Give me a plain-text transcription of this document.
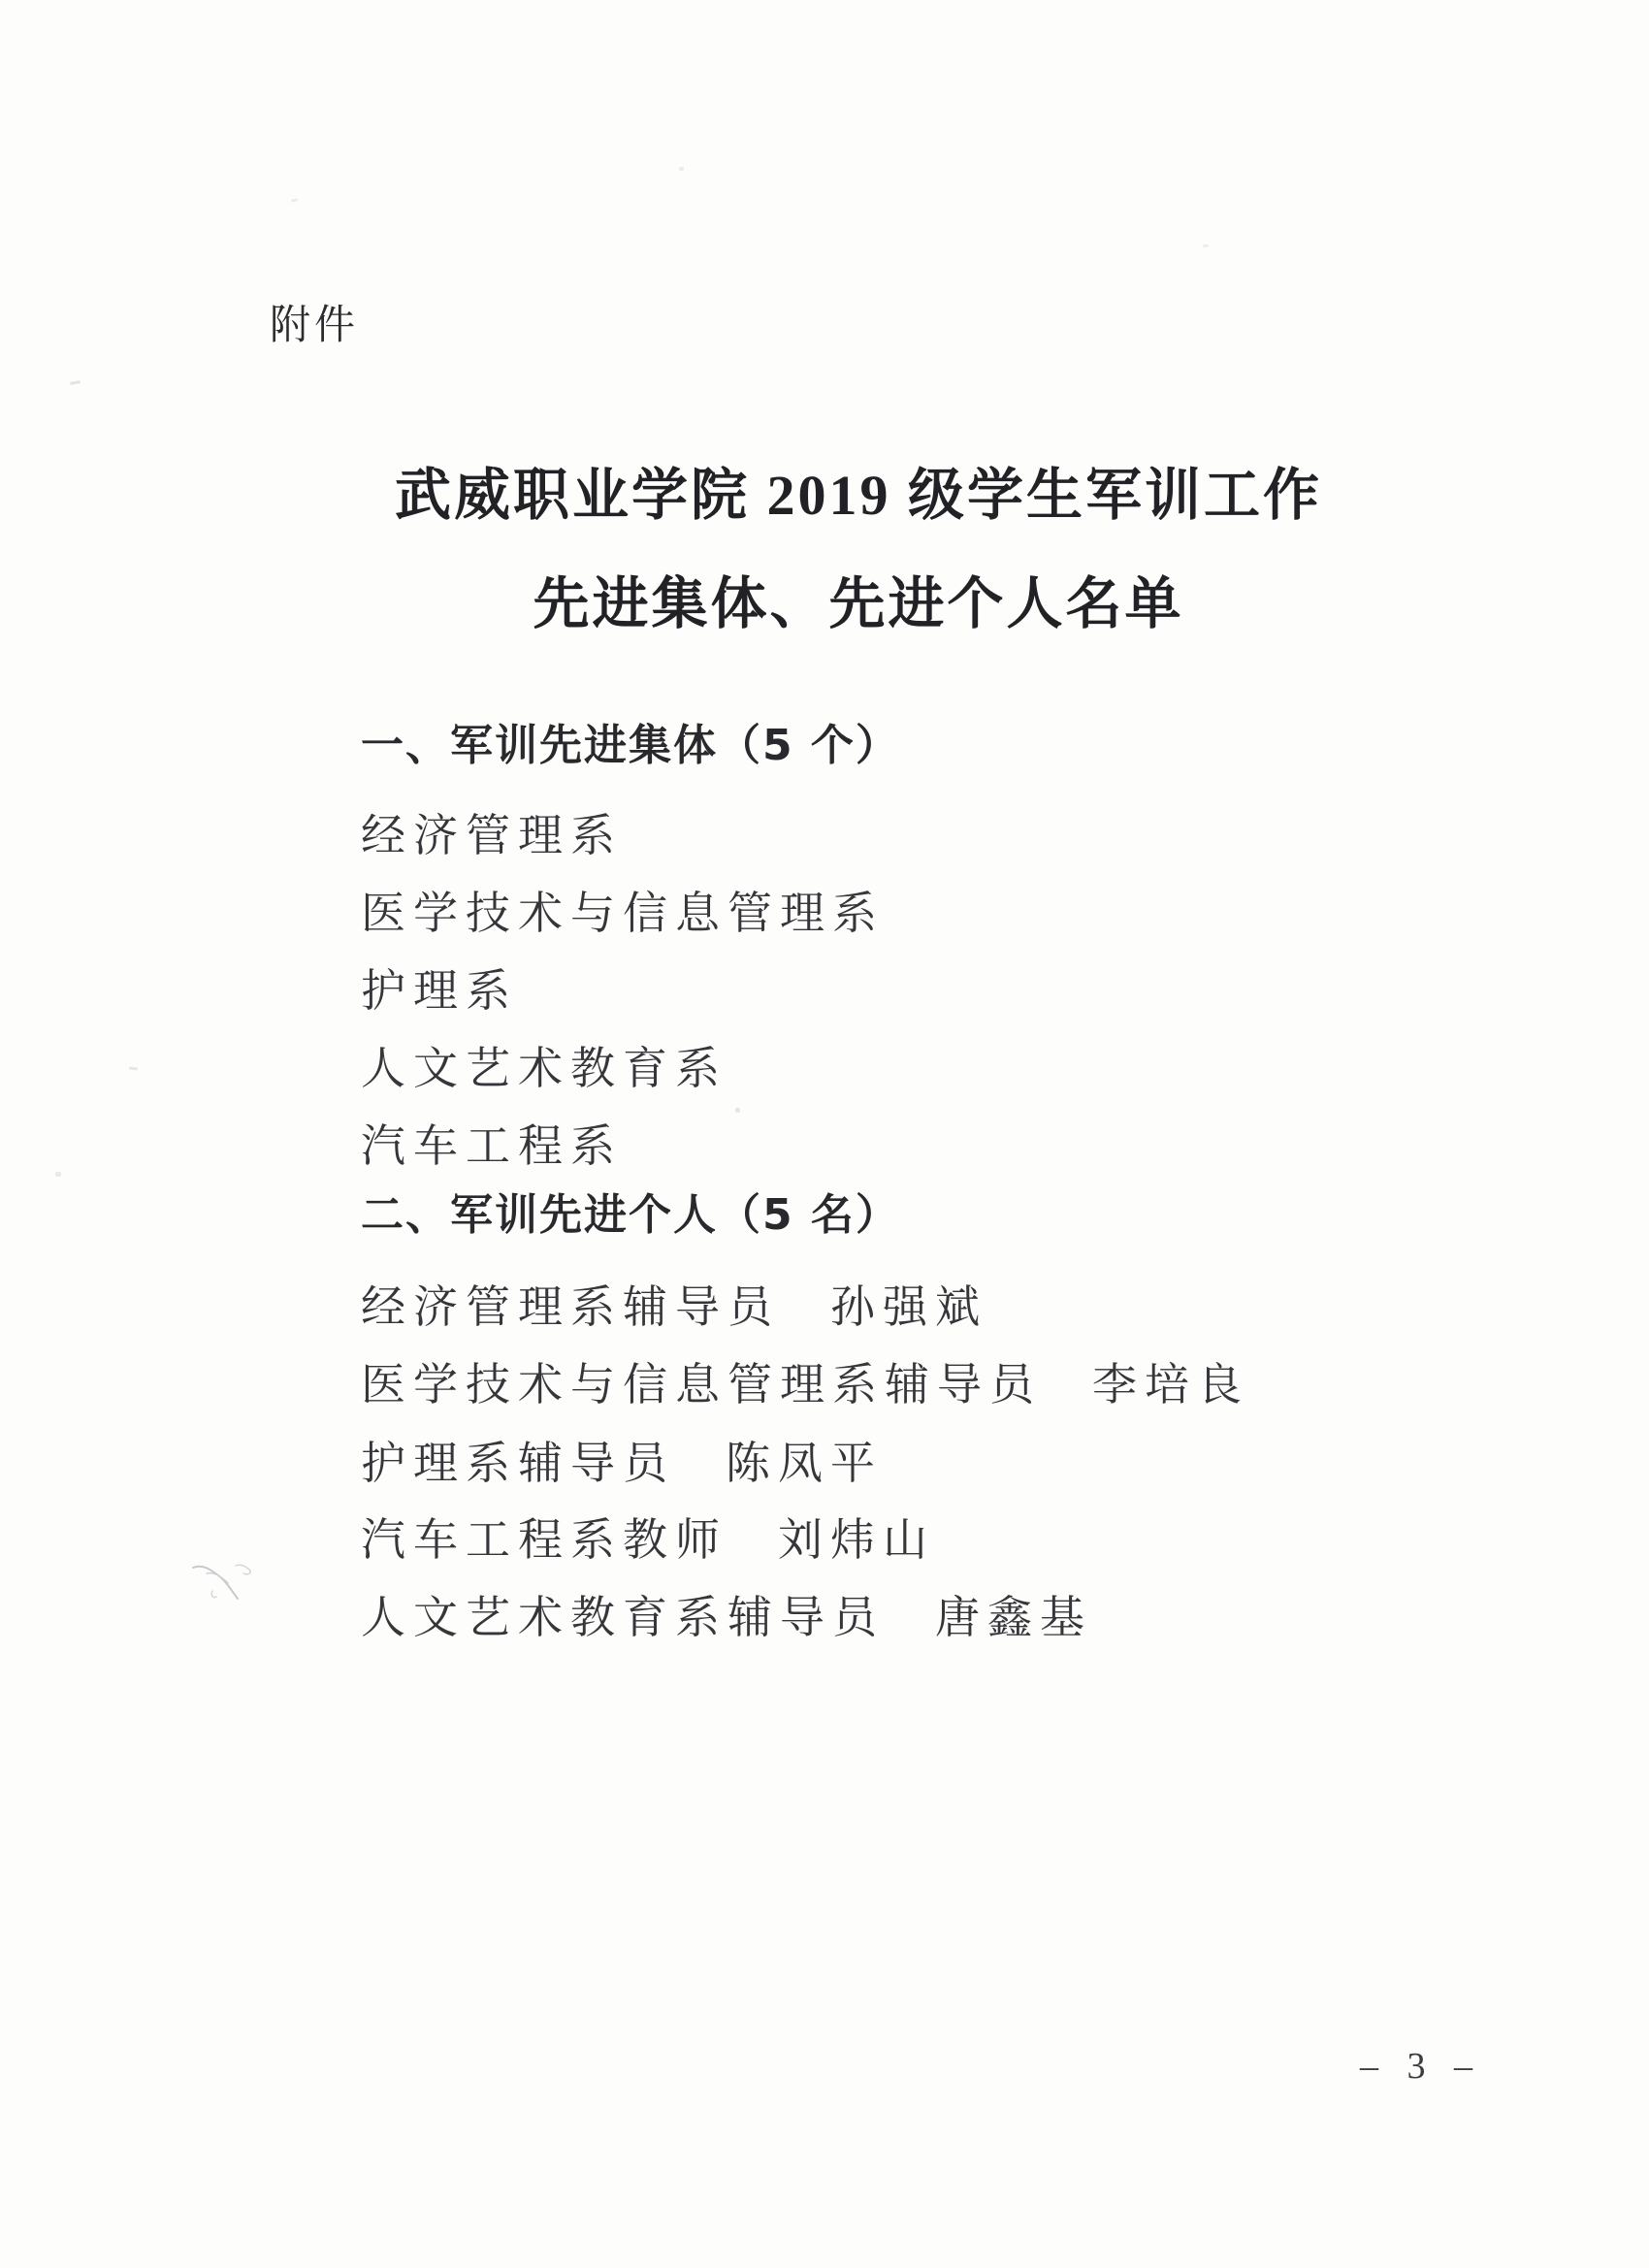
附件
武威职业学院 2019 级学生军训工作
先进集体、先进个人名单
一、军训先进集体（5 个）
经济管理系
医学技术与信息管理系
护理系
人文艺术教育系
汽车工程系
二、军训先进个人（5 名）
经济管理系辅导员 孙强斌
医学技术与信息管理系辅导员 李培良
护理系辅导员 陈凤平
汽车工程系教师 刘炜山
人文艺术教育系辅导员 唐鑫基
– 3 –
